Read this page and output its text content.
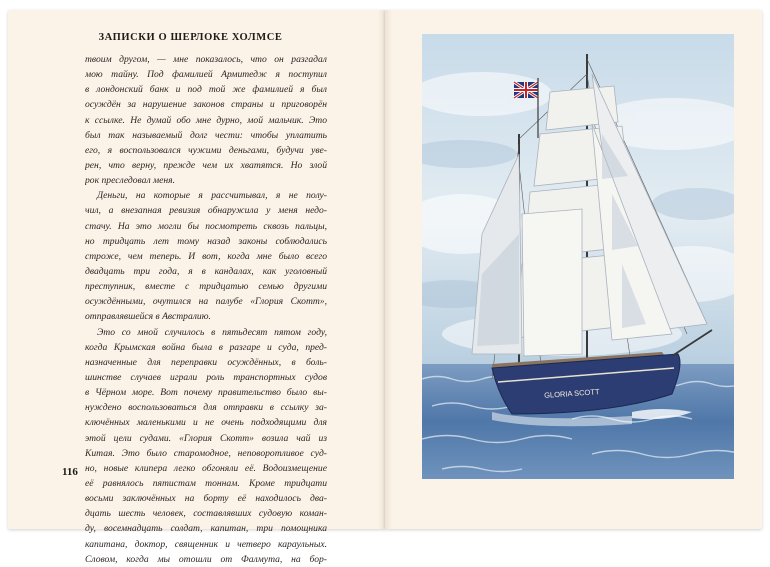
ЗАПИСКИ О ШЕРЛОКЕ ХОЛМСЕ

твоим другом, — мне показалось, что он разгадал
мою тайну. Под фамилией Армитедж я поступил
в лондонский банк и под той же фамилией я был
осуждён за нарушение законов страны и приговорён
к ссылке. Не думай обо мне дурно, мой мальчик. Это
был так называемый долг чести: чтобы уплатить
его, я воспользовался чужими деньгами, будучи уве-
рен, что верну, прежде чем их хватятся. Но злой
рок преследовал меня.

Деньги, на которые я рассчитывал, я не полу-
чил, а внезапная ревизия обнаружила у меня недо-
стачу. На это могли бы посмотреть сквозь пальцы,
но тридцать лет тому назад законы соблюдались
строже, чем теперь. И вот, когда мне было всего
двадцать три года, я в кандалах, как уголовный
преступник, вместе с тридцатью семью другими
осуждёнными, очутился на палубе «Глория Скотт»,
отправлявшейся в Австралию.

Это со мной случилось в пятьдесят пятом году,
когда Крымская война была в разгаре и суда, пред-
назначенные для переправки осуждённых, в боль-
шинстве случаев играли роль транспортных судов
в Чёрном море. Вот почему правительство было вы-
нуждено воспользоваться для отправки в ссылку за-
ключённых маленькими и не очень подходящими для
этой цели судами. «Глория Скотт» возила чай из
Китая. Это было старомодное, неповоротливое суд-
но, новые клипера легко обгоняли её. Водоизмещение
её равнялось пятистам тоннам. Кроме тридцати
восьми заключённых на борту её находилось два-
дцать шесть человек, составлявших судовую коман-
ду, восемнадцать солдат, капитан, три помощника
капитана, доктор, священник и четверо караульных.
Словом, когда мы отошли от Фалмута, на бор-

116
GLORIA SCOTT
